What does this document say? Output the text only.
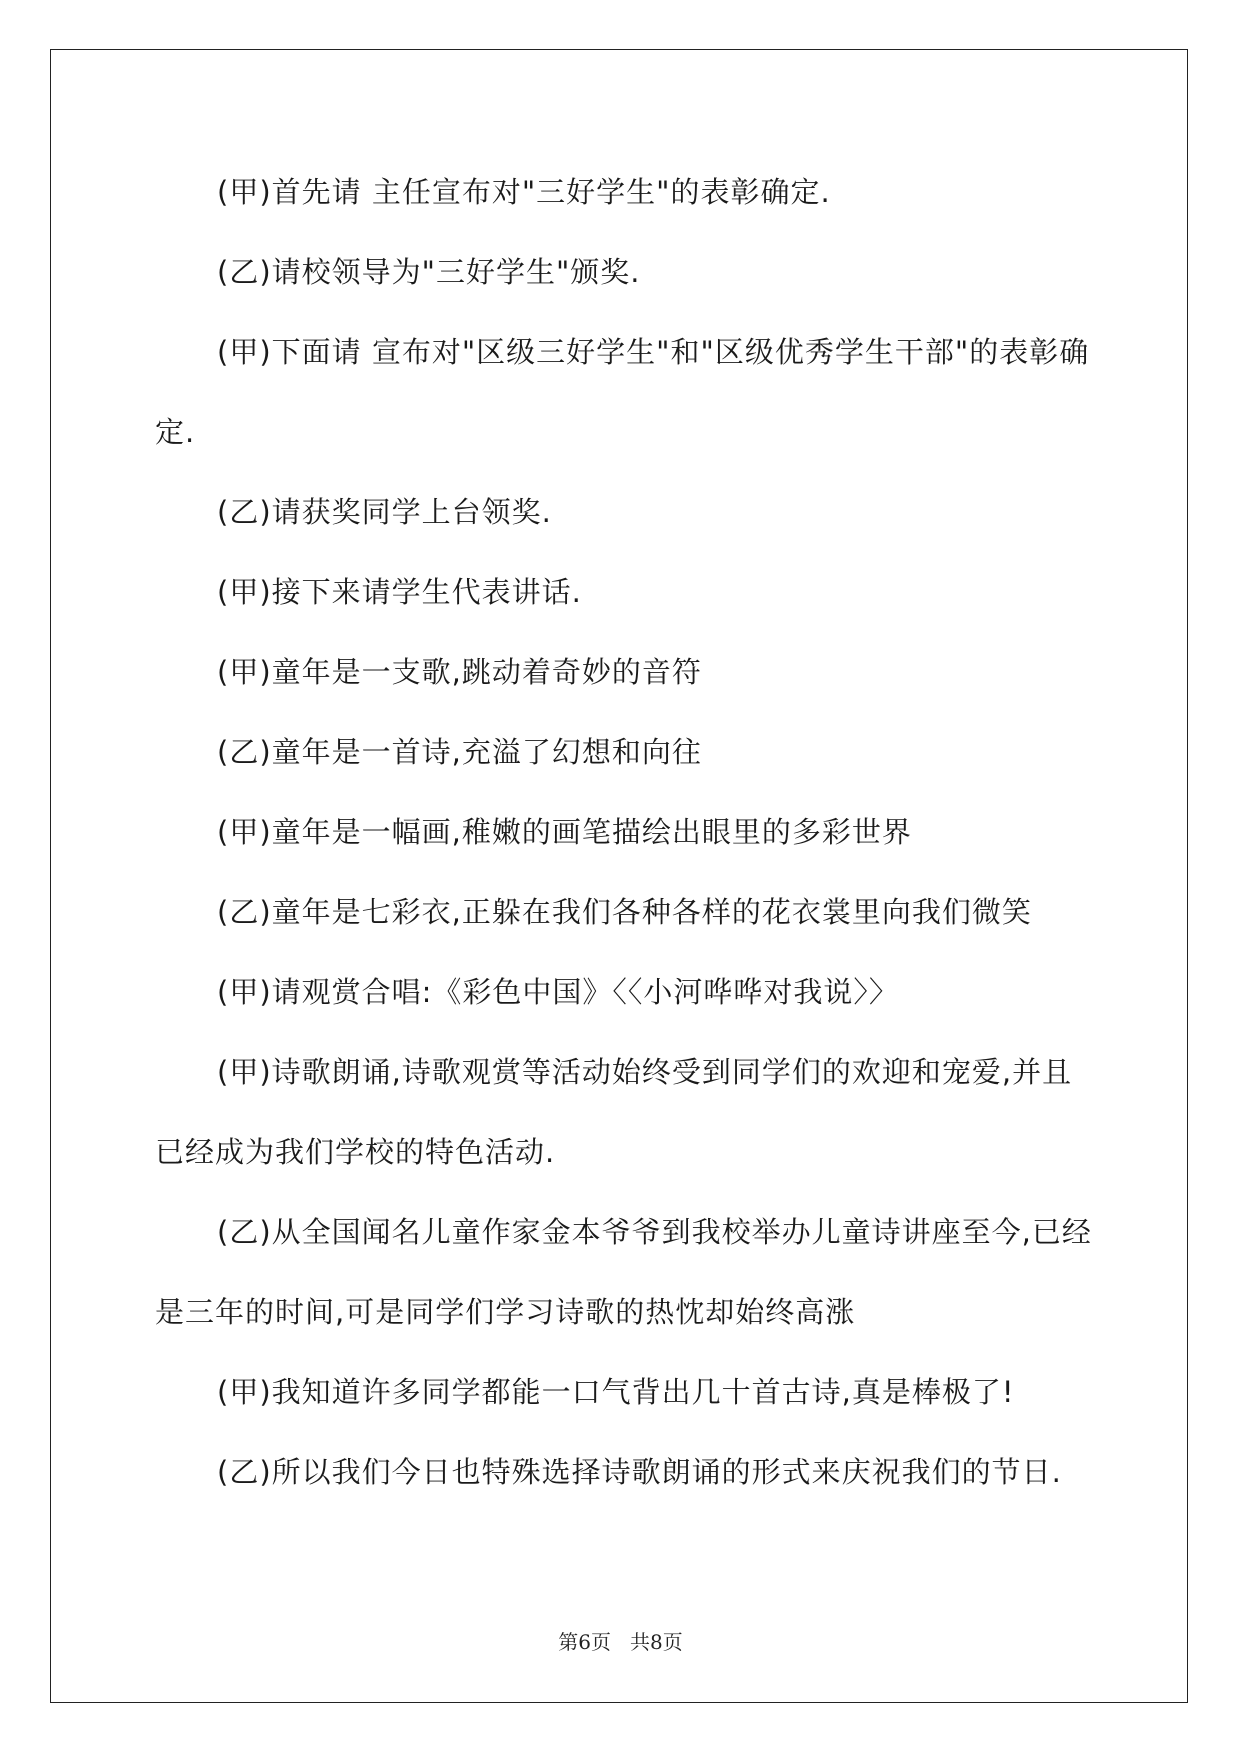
(甲)首先请 主任宣布对"三好学生"的表彰确定.

(乙)请校领导为"三好学生"颁奖.

(甲)下面请 宣布对"区级三好学生"和"区级优秀学生干部"的表彰确定.

(乙)请获奖同学上台领奖.

(甲)接下来请学生代表讲话.

(甲)童年是一支歌,跳动着奇妙的音符

(乙)童年是一首诗,充溢了幻想和向往

(甲)童年是一幅画,稚嫩的画笔描绘出眼里的多彩世界

(乙)童年是七彩衣,正躲在我们各种各样的花衣裳里向我们微笑

(甲)请观赏合唱:《彩色中国》〈〈小河哗哗对我说〉〉

(甲)诗歌朗诵,诗歌观赏等活动始终受到同学们的欢迎和宠爱,并且已经成为我们学校的特色活动.

(乙)从全国闻名儿童作家金本爷爷到我校举办儿童诗讲座至今,已经是三年的时间,可是同学们学习诗歌的热忱却始终高涨

(甲)我知道许多同学都能一口气背出几十首古诗,真是棒极了!

(乙)所以我们今日也特殊选择诗歌朗诵的形式来庆祝我们的节日.

第6页   共8页
